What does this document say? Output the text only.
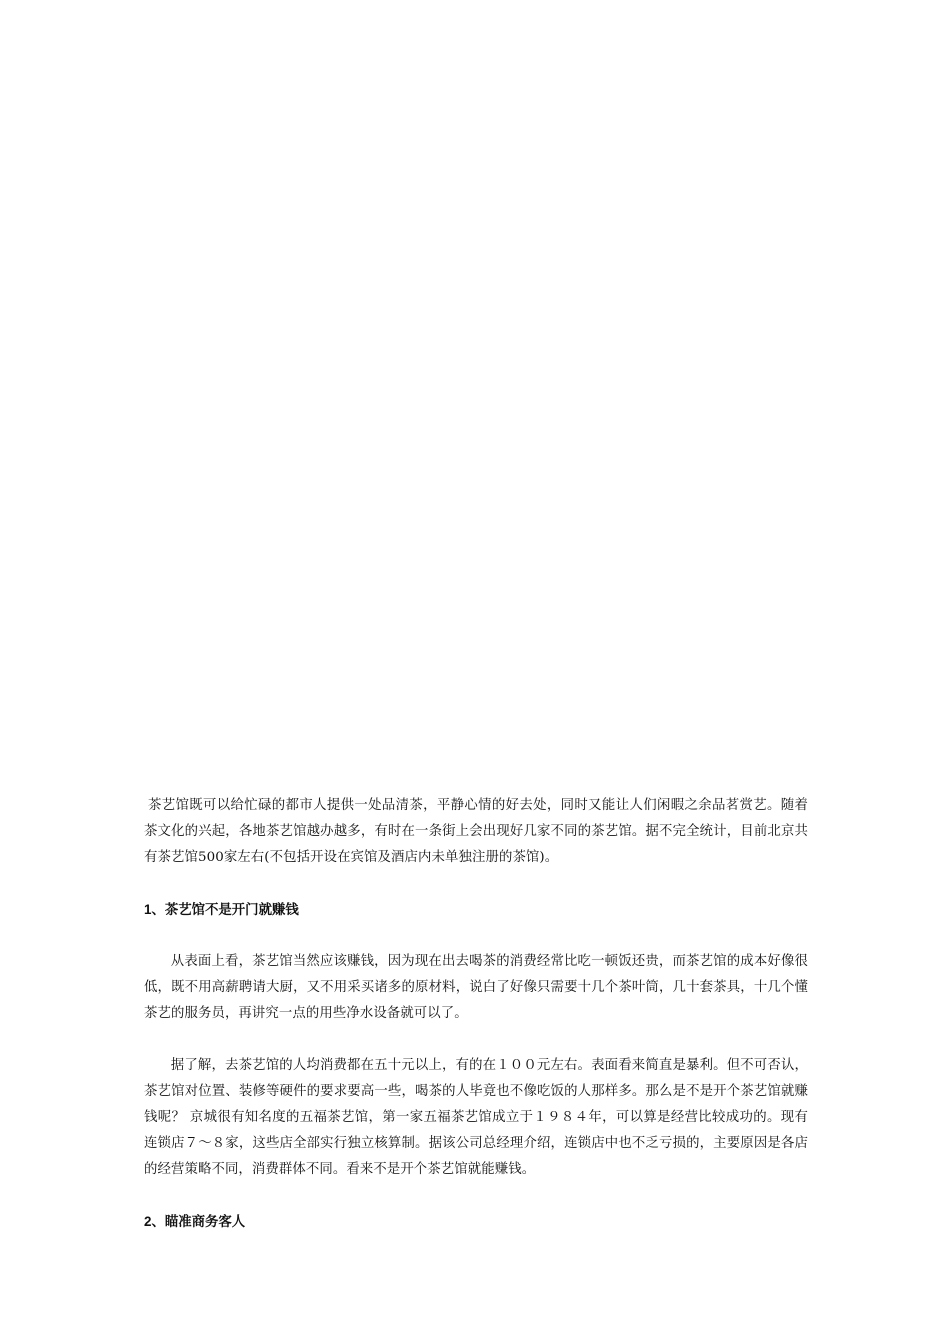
茶艺馆既可以给忙碌的都市人提供一处品清茶，平静心情的好去处，同时又能让人们闲暇之余品茗赏艺。随着茶文化的兴起，各地茶艺馆越办越多，有时在一条街上会出现好几家不同的茶艺馆。据不完全统计，目前北京共有茶艺馆500家左右(不包括开设在宾馆及酒店内未单独注册的茶馆)。

1、茶艺馆不是开门就赚钱

从表面上看，茶艺馆当然应该赚钱，因为现在出去喝茶的消费经常比吃一顿饭还贵，而茶艺馆的成本好像很低，既不用高薪聘请大厨，又不用采买诸多的原材料，说白了好像只需要十几个茶叶筒，几十套茶具，十几个懂茶艺的服务员，再讲究一点的用些净水设备就可以了。

据了解，去茶艺馆的人均消费都在五十元以上，有的在１００元左右。表面看来简直是暴利。但不可否认，茶艺馆对位置、装修等硬件的要求要高一些，喝茶的人毕竟也不像吃饭的人那样多。那么是不是开个茶艺馆就赚钱呢？ 京城很有知名度的五福茶艺馆，第一家五福茶艺馆成立于１９８４年，可以算是经营比较成功的。现有连锁店７～８家，这些店全部实行独立核算制。据该公司总经理介绍，连锁店中也不乏亏损的，主要原因是各店的经营策略不同，消费群体不同。看来不是开个茶艺馆就能赚钱。

2、瞄准商务客人
